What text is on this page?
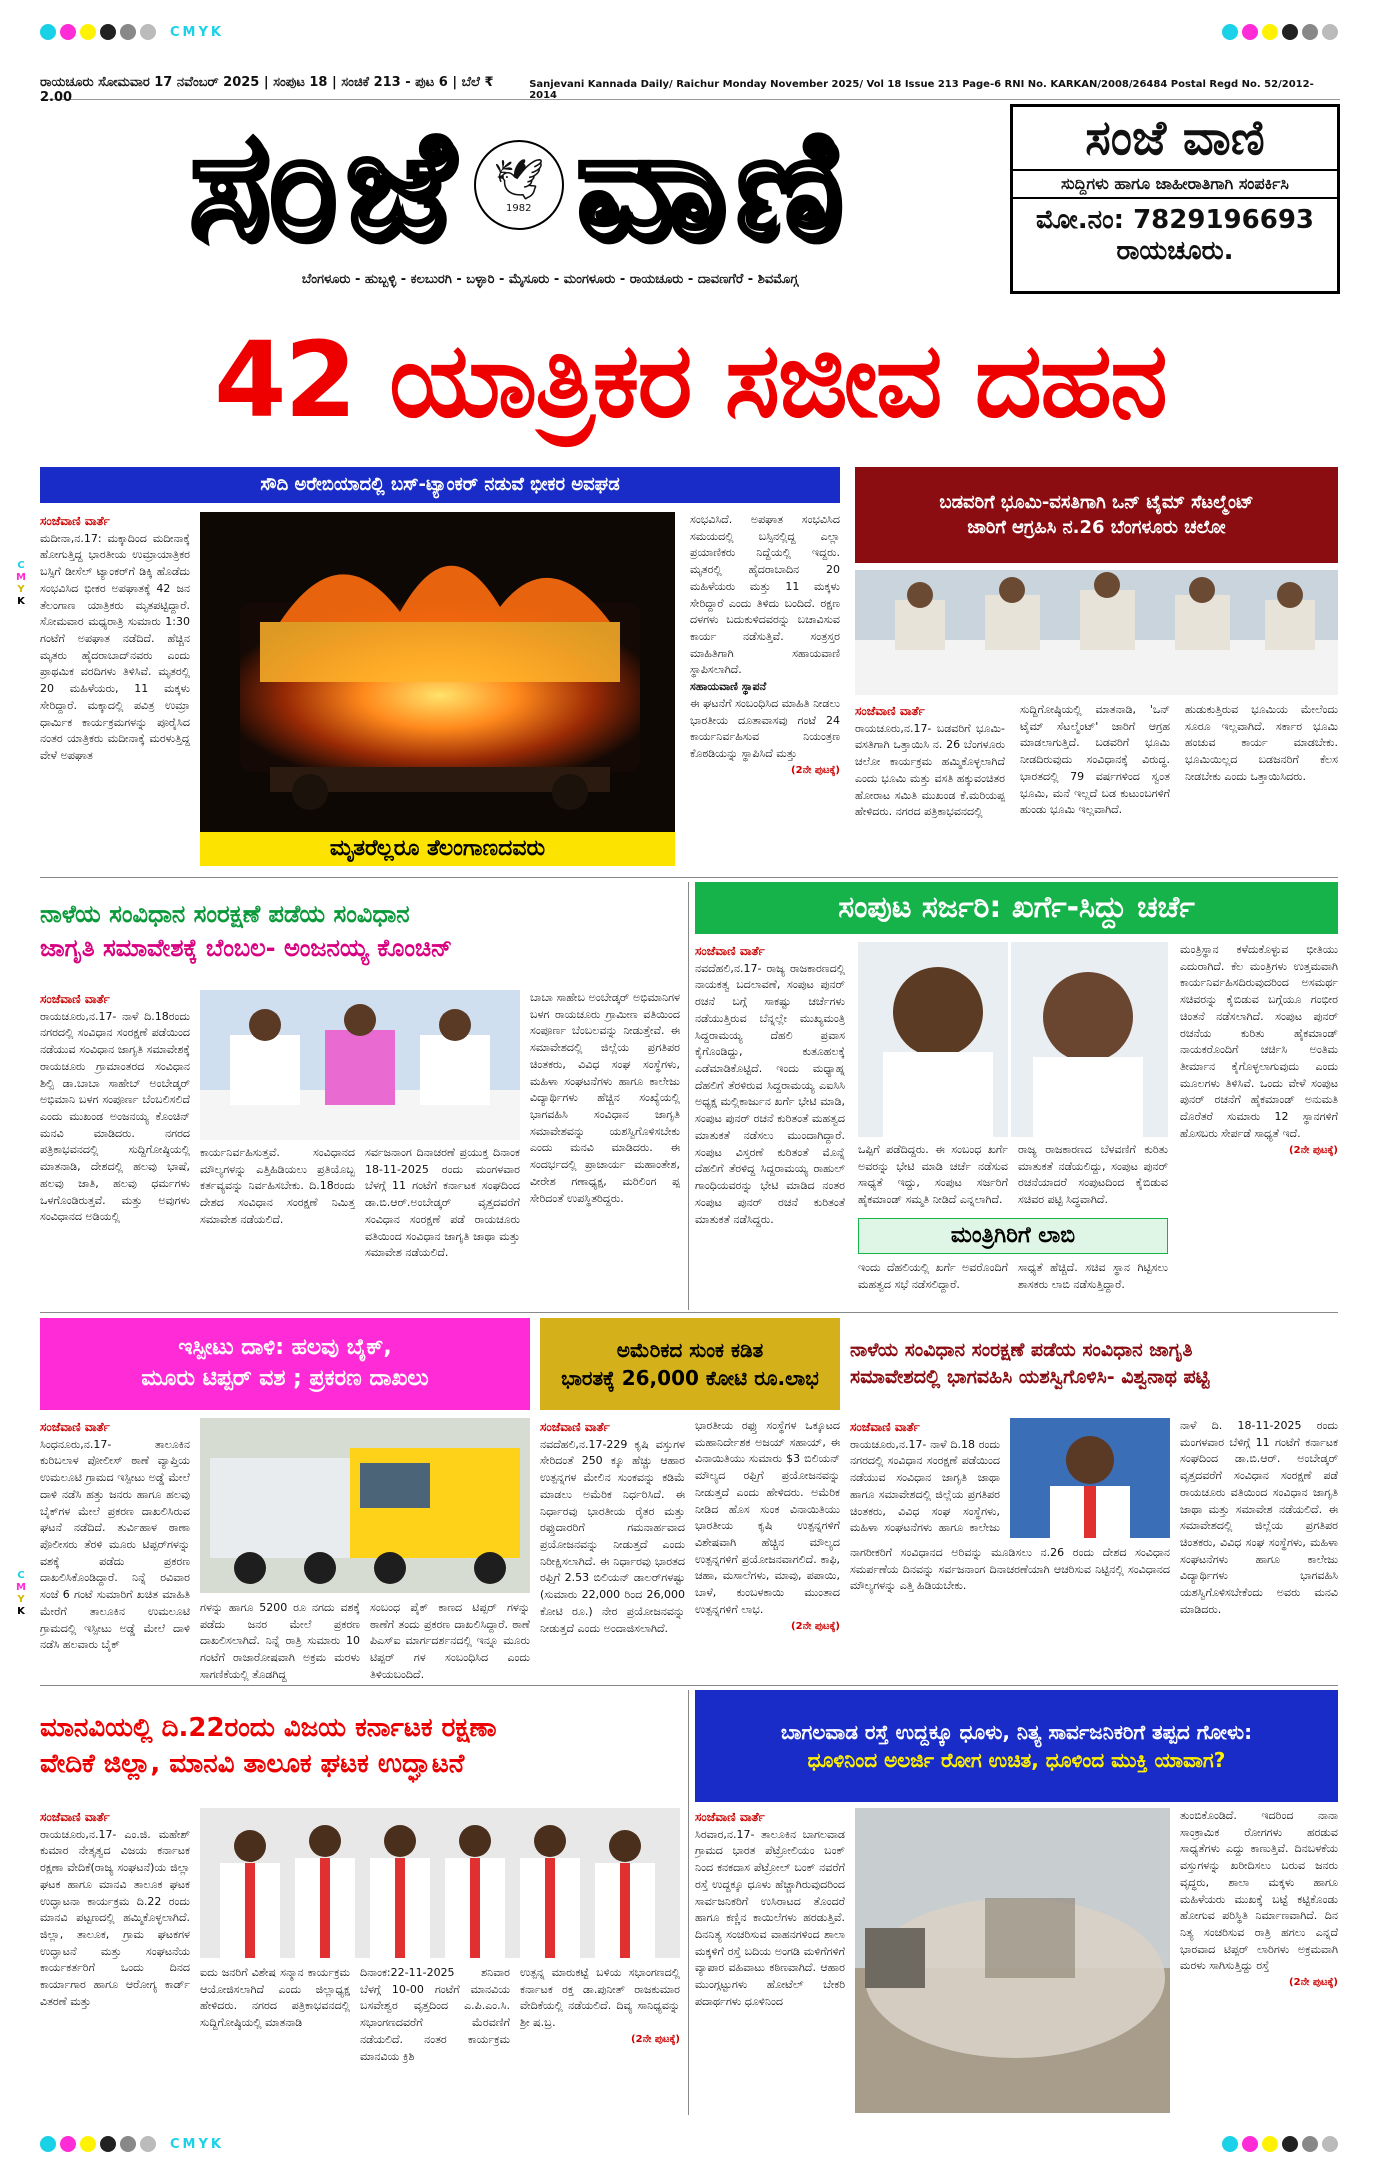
CMYK
CMYK
C
M
Y
K
C
M
Y
K
ರಾಯಚೂರು ಸೋಮವಾರ 17 ನವೆಂಬರ್ 2025 | ಸಂಪುಟ 18 | ಸಂಚಿಕೆ 213 - ಪುಟ 6 | ಬೆಲೆ ₹ 2.00
Sanjevani Kannada Daily/ Raichur Monday November 2025/ Vol 18 Issue 213 Page-6 RNI No. KARKAN/2008/26484 Postal Regd No. 52/2012-2014
ಸಂಜೆ 🕊
1982 ವಾಣಿ
ಬೆಂಗಳೂರು - ಹುಬ್ಬಳ್ಳಿ - ಕಲಬುರಗಿ - ಬಳ್ಳಾರಿ - ಮೈಸೂರು - ಮಂಗಳೂರು - ರಾಯಚೂರು - ದಾವಣಗೆರೆ - ಶಿವಮೊಗ್ಗ
ಸಂಜೆ ವಾಣಿ
ಸುದ್ದಿಗಳು ಹಾಗೂ ಜಾಹೀರಾತಿಗಾಗಿ ಸಂಪರ್ಕಿಸಿ
ಮೋ.ನಂ: 7829196693
ರಾಯಚೂರು.
42 ಯಾತ್ರಿಕರ ಸಜೀವ ದಹನ
ಸೌದಿ ಅರೇಬಿಯಾದಲ್ಲಿ ಬಸ್-ಟ್ಯಾಂಕರ್ ನಡುವೆ ಭೀಕರ ಅವಘಡ
ಸಂಜೆವಾಣಿ ವಾರ್ತೆ
ಮದೀನಾ,ನ.17: ಮಕ್ಕಾದಿಂದ ಮದೀನಾಕ್ಕೆ ಹೋಗುತ್ತಿದ್ದ ಭಾರತೀಯ ಉಮ್ರಾಯಾತ್ರಿಕರ ಬಸ್ಸಿಗೆ ಡೀಸೆಲ್ ಟ್ಯಾಂಕರ್‌ಗೆ ಡಿಕ್ಕಿ ಹೊಡೆದು ಸಂಭವಿಸಿದ ಭೀಕರ ಅಪಘಾತಕ್ಕೆ 42 ಜನ ತೆಲಂಗಾಣ ಯಾತ್ರಿಕರು ಮೃತಪಟ್ಟಿದ್ದಾರೆ. ಸೋಮವಾರ ಮಧ್ಯರಾತ್ರಿ ಸುಮಾರು 1:30 ಗಂಟೆಗೆ ಅಪಘಾತ ನಡೆದಿದೆ. ಹೆಚ್ಚಿನ ಮೃತರು ಹೈದರಾಬಾದ್‌ನವರು ಎಂದು ಪ್ರಾಥಮಿಕ ವರದಿಗಳು ತಿಳಿಸಿವೆ. ಮೃತರಲ್ಲಿ 20 ಮಹಿಳೆಯರು, 11 ಮಕ್ಕಳು ಸೇರಿದ್ದಾರೆ. ಮಕ್ಕಾದಲ್ಲಿ ಪವಿತ್ರ ಉಮ್ರಾ ಧಾರ್ಮಿಕ ಕಾರ್ಯಕ್ರಮಗಳನ್ನು ಪೂರೈಸಿದ ನಂತರ ಯಾತ್ರಿಕರು ಮದೀನಾಕ್ಕೆ ಮರಳುತ್ತಿದ್ದ ವೇಳೆ ಅಪಘಾತ
ಮೃತರೆಲ್ಲರೂ ತೆಲಂಗಾಣದವರು
ಸಂಭವಿಸಿದೆ. ಅಪಘಾತ ಸಂಭವಿಸಿದ ಸಮಯದಲ್ಲಿ ಬಸ್ಸಿನಲ್ಲಿದ್ದ ಎಲ್ಲಾ ಪ್ರಯಾಣಿಕರು ನಿದ್ದೆಯಲ್ಲಿ ಇದ್ದರು. ಮೃತರಲ್ಲಿ ಹೈದರಾಬಾದಿನ 20 ಮಹಿಳೆಯರು ಮತ್ತು 11 ಮಕ್ಕಳು ಸೇರಿದ್ದಾರೆ ಎಂದು ತಿಳಿದು ಬಂದಿದೆ. ರಕ್ಷಣ ದಳಗಳು ಬದುಕುಳಿದವರನ್ನು ಬಚಾವಿಸುವ ಕಾರ್ಯ ನಡೆಸುತ್ತಿವೆ. ಸಂತ್ರಸ್ತರ ಮಾಹಿತಿಗಾಗಿ ಸಹಾಯವಾಣಿ ಸ್ಥಾಪಿಸಲಾಗಿದೆ.
ಸಹಾಯವಾಣಿ ಸ್ಥಾಪನೆ
ಈ ಘಟನೆಗೆ ಸಂಬಂಧಿಸಿದ ಮಾಹಿತಿ ನೀಡಲು ಭಾರತೀಯ ದೂತಾವಾಸವು ಗಂಟೆ 24 ಕಾರ್ಯನಿರ್ವಹಿಸುವ ನಿಯಂತ್ರಣ ಕೊಠಡಿಯನ್ನು ಸ್ಥಾಪಿಸಿದೆ ಮತ್ತು
(2ನೇ ಪುಟಕ್ಕೆ)
ಬಡವರಿಗೆ ಭೂಮಿ-ವಸತಿಗಾಗಿ ಒನ್ ಟೈಮ್ ಸೆಟಲ್ಮೆಂಟ್
ಜಾರಿಗೆ ಆಗ್ರಹಿಸಿ ನ.26 ಬೆಂಗಳೂರು ಚಲೋ
ಸಂಜೆವಾಣಿ ವಾರ್ತೆ
ರಾಯಚೂರು,ನ.17- ಬಡವರಿಗೆ ಭೂಮಿ-ವಸತಿಗಾಗಿ ಒತ್ತಾಯಿಸಿ ನ. 26 ಬೆಂಗಳೂರು ಚಲೋ ಕಾರ್ಯಕ್ರಮ ಹಮ್ಮಿಕೊಳ್ಳಲಾಗಿದೆ ಎಂದು ಭೂಮಿ ಮತ್ತು ವಸತಿ ಹಕ್ಕುವಂಚಿತರ ಹೋರಾಟ ಸಮಿತಿ ಮುಖಂಡ ಕೆ.ಮರಿಯಪ್ಪ ಹೇಳಿದರು. ನಗರದ ಪತ್ರಿಕಾಭವನದಲ್ಲಿ
ಸುದ್ದಿಗೋಷ್ಠಿಯಲ್ಲಿ ಮಾತನಾಡಿ, 'ಒನ್ ಟೈಮ್ ಸೆಟಲ್ಮೆಂಟ್' ಜಾರಿಗೆ ಆಗ್ರಹ ಮಾಡಲಾಗುತ್ತಿದೆ. ಬಡವರಿಗೆ ಭೂಮಿ ನೀಡದಿರುವುದು ಸಂವಿಧಾನಕ್ಕೆ ವಿರುದ್ಧ. ಭಾರತದಲ್ಲಿ 79 ವರ್ಷಗಳಿಂದ ಸ್ವಂತ ಭೂಮಿ, ಮನೆ ಇಲ್ಲದೆ ಬಡ ಕುಟುಂಬಗಳಿಗೆ ಹುಂಡು ಭೂಮಿ ಇಲ್ಲವಾಗಿದೆ.
ಹುಡುಕುತ್ತಿರುವ ಭೂಮಿಯ ಮೇಲೆಂದು ಸೂರೂ ಇಲ್ಲವಾಗಿದೆ. ಸರ್ಕಾರ ಭೂಮಿ ಹಂಚುವ ಕಾರ್ಯ ಮಾಡಬೇಕು. ಭೂಮಿಯಿಲ್ಲದ ಬಡಜನರಿಗೆ ಕೆಲಸ ನೀಡಬೇಕು ಎಂದು ಒತ್ತಾಯಿಸಿದರು.
ನಾಳೆಯ ಸಂವಿಧಾನ ಸಂರಕ್ಷಣೆ ಪಡೆಯ ಸಂವಿಧಾನ
ಜಾಗೃತಿ ಸಮಾವೇಶಕ್ಕೆ ಬೆಂಬಲ- ಅಂಜನಯ್ಯ ಕೊಂಚಿನ್
ಸಂಜೆವಾಣಿ ವಾರ್ತೆ
ರಾಯಚೂರು,ನ.17- ನಾಳೆ ದಿ.18ರಂದು ನಗರದಲ್ಲಿ ಸಂವಿಧಾನ ಸಂರಕ್ಷಣೆ ಪಡೆಯಿಂದ ನಡೆಯುವ ಸಂವಿಧಾನ ಜಾಗೃತಿ ಸಮಾವೇಶಕ್ಕೆ ರಾಯಚೂರು ಗ್ರಾಮಾಂತರದ ಸಂವಿಧಾನ ಶಿಲ್ಪಿ ಡಾ.ಬಾಬಾ ಸಾಹೇಬ್ ಅಂಬೇಡ್ಕರ್ ಅಭಿಮಾನಿ ಬಳಗ ಸಂಪೂರ್ಣ ಬೆಂಬಲಿಸಲಿದೆ ಎಂದು ಮುಖಂಡ ಅಂಜನಯ್ಯ ಕೊಂಚಿನ್ ಮನವಿ ಮಾಡಿದರು. ನಗರದ ಪತ್ರಿಕಾಭವನದಲ್ಲಿ ಸುದ್ದಿಗೋಷ್ಠಿಯಲ್ಲಿ ಮಾತನಾಡಿ, ದೇಶದಲ್ಲಿ ಹಲವು ಭಾಷೆ, ಹಲವು ಜಾತಿ, ಹಲವು ಧರ್ಮಗಳು ಒಳಗೊಂಡಿರುತ್ತವೆ. ಮತ್ತು ಅವುಗಳು ಸಂವಿಧಾನದ ಅಡಿಯಲ್ಲಿ
ಕಾರ್ಯನಿರ್ವಹಿಸುತ್ತವೆ. ಸಂವಿಧಾನದ ಮೌಲ್ಯಗಳನ್ನು ಎತ್ತಿಹಿಡಿಯಲು ಪ್ರತಿಯೊಬ್ಬ ಕರ್ತವ್ಯವನ್ನು ನಿರ್ವಹಿಸಬೇಕು. ದಿ.18ರಂದು ದೇಶದ ಸಂವಿಧಾನ ಸಂರಕ್ಷಣೆ ನಿಮಿತ್ತ ಸಮಾವೇಶ ನಡೆಯಲಿದೆ.
ಸರ್ವಜನಾಂಗ ದಿನಾಚರಣೆ ಪ್ರಯುಕ್ತ ದಿನಾಂಕ 18-11-2025 ರಂದು ಮಂಗಳವಾರ ಬೆಳಗ್ಗೆ 11 ಗಂಟೆಗೆ ಕರ್ನಾಟಕ ಸಂಘದಿಂದ ಡಾ.ಬಿ.ಆರ್.ಅಂಬೇಡ್ಕರ್ ವೃತ್ತದವರೆಗೆ ಸಂವಿಧಾನ ಸಂರಕ್ಷಣೆ ಪಡೆ ರಾಯಚೂರು ವತಿಯಿಂದ ಸಂವಿಧಾನ ಜಾಗೃತಿ ಜಾಥಾ ಮತ್ತು ಸಮಾವೇಶ ನಡೆಯಲಿದೆ.
ಬಾಬಾ ಸಾಹೇಬ ಅಂಬೇಡ್ಕರ್ ಅಭಿಮಾನಿಗಳ ಬಳಗ ರಾಯಚೂರು ಗ್ರಾಮೀಣ ವತಿಯಿಂದ ಸಂಪೂರ್ಣ ಬೆಂಬಲವನ್ನು ನೀಡುತ್ತೇವೆ. ಈ ಸಮಾವೇಶದಲ್ಲಿ ಜಿಲ್ಲೆಯ ಪ್ರಗತಿಪರ ಚಿಂತಕರು, ವಿವಿಧ ಸಂಘ ಸಂಸ್ಥೆಗಳು, ಮಹಿಳಾ ಸಂಘಟನೆಗಳು ಹಾಗೂ ಕಾಲೇಜು ವಿದ್ಯಾರ್ಥಿಗಳು ಹೆಚ್ಚಿನ ಸಂಖ್ಯೆಯಲ್ಲಿ ಭಾಗವಹಿಸಿ ಸಂವಿಧಾನ ಜಾಗೃತಿ ಸಮಾವೇಶವನ್ನು ಯಶಸ್ವಿಗೊಳಿಸಬೇಕು ಎಂದು ಮನವಿ ಮಾಡಿದರು. ಈ ಸಂದರ್ಭದಲ್ಲಿ ಪ್ರಾಚಾರ್ಯ ಮಹಾಂತೇಶ, ವೀರೇಶ ಗಣಾಧ್ಯಕ್ಷ, ಮರಿಲಿಂಗ ಪ್ಪ ಸೇರಿದಂತೆ ಉಪಸ್ಥಿತರಿದ್ದರು.
ಸಂಪುಟ ಸರ್ಜರಿ: ಖರ್ಗೆ-ಸಿದ್ದು ಚರ್ಚೆ
ಸಂಜೆವಾಣಿ ವಾರ್ತೆ
ನವದೆಹಲಿ,ನ.17- ರಾಜ್ಯ ರಾಜಕಾರಣದಲ್ಲಿ ನಾಯಕತ್ವ ಬದಲಾವಣೆ, ಸಂಪುಟ ಪುನರ್ ರಚನೆ ಬಗ್ಗೆ ಸಾಕಷ್ಟು ಚರ್ಚೆಗಳು ನಡೆಯುತ್ತಿರುವ ಬೆನ್ನಲ್ಲೇ ಮುಖ್ಯಮಂತ್ರಿ ಸಿದ್ದರಾಮಯ್ಯ ದೆಹಲಿ ಪ್ರವಾಸ ಕೈಗೊಂಡಿದ್ದು, ಕುತೂಹಲಕ್ಕೆ ಎಡೆಮಾಡಿಕೊಟ್ಟಿದೆ. ಇಂದು ಮಧ್ಯಾಹ್ನ ದೆಹಲಿಗೆ ತೆರಳಿರುವ ಸಿದ್ದರಾಮಯ್ಯ ಎಐಸಿಸಿ ಅಧ್ಯಕ್ಷ ಮಲ್ಲಿಕಾರ್ಜುನ ಖರ್ಗೆ ಭೇಟಿ ಮಾಡಿ, ಸಂಪುಟ ಪುನರ್ ರಚನೆ ಕುರಿತಂತೆ ಮಹತ್ವದ ಮಾತುಕತೆ ನಡೆಸಲು ಮುಂದಾಗಿದ್ದಾರೆ. ಸಂಪುಟ ವಿಸ್ತರಣೆ ಕುರಿತಂತೆ ಮೊನ್ನೆ ದೆಹಲಿಗೆ ತೆರಳಿದ್ದ ಸಿದ್ದರಾಮಯ್ಯ ರಾಹುಲ್ ಗಾಂಧಿಯವರನ್ನು ಭೇಟಿ ಮಾಡಿದ ನಂತರ ಸಂಪುಟ ಪುನರ್ ರಚನೆ ಕುರಿತಂತೆ ಮಾತುಕತೆ ನಡೆಸಿದ್ದರು.
ಒಪ್ಪಿಗೆ ಪಡೆದಿದ್ದರು. ಈ ಸಂಬಂಧ ಖರ್ಗೆ ಅವರನ್ನು ಭೇಟಿ ಮಾಡಿ ಚರ್ಚೆ ನಡೆಸುವ ಸಾಧ್ಯತೆ ಇದ್ದು, ಸಂಪುಟ ಸರ್ಜರಿಗೆ ಹೈಕಮಾಂಡ್ ಸಮ್ಮತಿ ನೀಡಿದೆ ಎನ್ನಲಾಗಿದೆ.
ರಾಜ್ಯ ರಾಜಕಾರಣದ ಬೆಳವಣಿಗೆ ಕುರಿತು ಮಾತುಕತೆ ನಡೆಯಲಿದ್ದು, ಸಂಪುಟ ಪುನರ್ ರಚನೆಯಾದರೆ ಸಂಪುಟದಿಂದ ಕೈಬಿಡುವ ಸಚಿವರ ಪಟ್ಟಿ ಸಿದ್ಧವಾಗಿದೆ.
ಮಂತ್ರಿಗಿರಿಗೆ ಲಾಬಿ
ಇಂದು ದೆಹಲಿಯಲ್ಲಿ ಖರ್ಗೆ ಅವರೊಂದಿಗೆ ಮಹತ್ವದ ಸಭೆ ನಡೆಸಲಿದ್ದಾರೆ.
ಸಾಧ್ಯತೆ ಹೆಚ್ಚಿದೆ. ಸಚಿವ ಸ್ಥಾನ ಗಿಟ್ಟಿಸಲು ಶಾಸಕರು ಲಾಬಿ ನಡೆಸುತ್ತಿದ್ದಾರೆ.
ಮಂತ್ರಿಸ್ಥಾನ ಕಳೆದುಕೊಳ್ಳುವ ಭೀತಿಯು ಎದುರಾಗಿದೆ. ಕೆಲ ಮಂತ್ರಿಗಳು ಉತ್ತಮವಾಗಿ ಕಾರ್ಯನಿರ್ವಹಿಸದಿರುವುದರಿಂದ ಅಸಮರ್ಥ ಸಚಿವರನ್ನು ಕೈಬಿಡುವ ಬಗ್ಗೆಯೂ ಗಂಭೀರ ಚಿಂತನೆ ನಡೆಸಲಾಗಿದೆ. ಸಂಪುಟ ಪುನರ್ ರಚನೆಯ ಕುರಿತು ಹೈಕಮಾಂಡ್ ನಾಯಕರೊಂದಿಗೆ ಚರ್ಚಿಸಿ ಅಂತಿಮ ತೀರ್ಮಾನ ಕೈಗೊಳ್ಳಲಾಗುವುದು ಎಂದು ಮೂಲಗಳು ತಿಳಿಸಿವೆ. ಒಂದು ವೇಳೆ ಸಂಪುಟ ಪುನರ್ ರಚನೆಗೆ ಹೈಕಮಾಂಡ್ ಅನುಮತಿ ದೊರೆತರೆ ಸುಮಾರು 12 ಸ್ಥಾನಗಳಿಗೆ ಹೊಸಬರು ಸೇರ್ಪಡೆ ಸಾಧ್ಯತೆ ಇದೆ.
(2ನೇ ಪುಟಕ್ಕೆ)
ಇಸ್ಪೀಟು ದಾಳಿ: ಹಲವು ಬೈಕ್,
ಮೂರು ಟಿಪ್ಪರ್ ವಶ ; ಪ್ರಕರಣ ದಾಖಲು
ಸಂಜೆವಾಣಿ ವಾರ್ತೆ
ಸಿಂಧನೂರು,ನ.17- ತಾಲೂಕಿನ ಕುರಿಬಲಾಳ ಪೋಲೀಸ್ ಠಾಣೆ ವ್ಯಾಪ್ತಿಯ ಉಮಲೂಟಿ ಗ್ರಾಮದ ಇಸ್ಪೀಟು ಅಡ್ಡೆ ಮೇಲೆ ದಾಳಿ ನಡೆಸಿ ಹತ್ತು ಜನರು ಹಾಗೂ ಹಲವು ಬೈಕ್‌ಗಳ ಮೇಲೆ ಪ್ರಕರಣ ದಾಖಲಿಸಿರುವ ಘಟನೆ ನಡೆದಿದೆ. ತುರ್ವಿಹಾಳ ಠಾಣಾ ಪೊಲೀಸರು ತೆರಳಿ ಮೂರು ಟಿಪ್ಪರ್‌ಗಳನ್ನು ವಶಕ್ಕೆ ಪಡೆದು ಪ್ರಕರಣ ದಾಖಲಿಸಿಕೊಂಡಿದ್ದಾರೆ. ನಿನ್ನೆ ರವಿವಾರ ಸಂಜೆ 6 ಗಂಟೆ ಸುಮಾರಿಗೆ ಖಚಿತ ಮಾಹಿತಿ ಮೇರೆಗೆ ತಾಲೂಕಿನ ಉಮಲೂಟಿ ಗ್ರಾಮದಲ್ಲಿ ಇಸ್ಪೀಟು ಅಡ್ಡೆ ಮೇಲೆ ದಾಳಿ ನಡೆಸಿ ಹಲವಾರು ಬೈಕ್
ಗಳನ್ನು ಹಾಗೂ 5200 ರೂ ನಗದು ವಶಕ್ಕೆ ಪಡೆದು ಜನರ ಮೇಲೆ ಪ್ರಕರಣ ದಾಖಲಿಸಲಾಗಿದೆ. ನಿನ್ನೆ ರಾತ್ರಿ ಸುಮಾರು 10 ಗಂಟೆಗೆ ರಾಜಾರೋಷವಾಗಿ ಅಕ್ರಮ ಮರಳು ಸಾಗಣಿಕೆಯಲ್ಲಿ ತೊಡಗಿದ್ದ
ಸಂಬಂಧ ಪೈಕ್ ಕಾಣದ ಟಿಪ್ಪರ್ ಗಳನ್ನು ಠಾಣೆಗೆ ತಂದು ಪ್ರಕರಣ ದಾಖಲಿಸಿದ್ದಾರೆ. ಠಾಣೆ ಪಿಎಸ್ಐ ಮಾರ್ಗದರ್ಶನದಲ್ಲಿ ಇನ್ನೂ ಮೂರು ಟಿಪ್ಪರ್ ಗಳ ಸಂಬಂಧಿಸಿದ ಎಂದು ತಿಳಿಯಬಂದಿದೆ.
ಅಮೆರಿಕದ ಸುಂಕ ಕಡಿತ
ಭಾರತಕ್ಕೆ 26,000 ಕೋಟಿ ರೂ.ಲಾಭ
ಸಂಜೆವಾಣಿ ವಾರ್ತೆ
ನವದೆಹಲಿ,ನ.17-229 ಕೃಷಿ ವಸ್ತುಗಳ ಸೇರಿದಂತೆ 250 ಕ್ಕೂ ಹೆಚ್ಚು ಆಹಾರ ಉತ್ಪನ್ನಗಳ ಮೇಲಿನ ಸುಂಕವನ್ನು ಕಡಿಮೆ ಮಾಡಲು ಅಮೆರಿಕ ನಿರ್ಧರಿಸಿದೆ. ಈ ನಿರ್ಧಾರವು ಭಾರತೀಯ ರೈತರ ಮತ್ತು ರಫ್ತುದಾರರಿಗೆ ಗಮನಾರ್ಹವಾದ ಪ್ರಯೋಜನವನ್ನು ನೀಡುತ್ತದೆ ಎಂದು ನಿರೀಕ್ಷಿಸಲಾಗಿದೆ. ಈ ನಿರ್ಧಾರವು ಭಾರತದ ರಫ್ತಿಗೆ 2.53 ಬಿಲಿಯನ್ ಡಾಲರ್‌ಗಳಷ್ಟು (ಸುಮಾರು 22,000 ರಿಂದ 26,000 ಕೋಟಿ ರೂ.) ನೇರ ಪ್ರಯೋಜನವನ್ನು ನೀಡುತ್ತದೆ ಎಂದು ಅಂದಾಜಿಸಲಾಗಿದೆ.
ಭಾರತೀಯ ರಫ್ತು ಸಂಸ್ಥೆಗಳ ಒಕ್ಕೂಟದ ಮಹಾನಿರ್ದೇಶಕ ಅಜಯ್ ಸಹಾಯ್, ಈ ವಿನಾಯಿತಿಯು ಸುಮಾರು $3 ಬಿಲಿಯನ್ ಮೌಲ್ಯದ ರಫ್ತಿಗೆ ಪ್ರಯೋಜನವನ್ನು ನೀಡುತ್ತದೆ ಎಂದು ಹೇಳಿದರು. ಅಮೆರಿಕ ನೀಡಿದ ಹೊಸ ಸುಂಕ ವಿನಾಯಿತಿಯು ಭಾರತೀಯ ಕೃಷಿ ಉತ್ಪನ್ನಗಳಿಗೆ ವಿಶೇಷವಾಗಿ ಹೆಚ್ಚಿನ ಮೌಲ್ಯದ ಉತ್ಪನ್ನಗಳಿಗೆ ಪ್ರಯೋಜನವಾಗಲಿದೆ. ಕಾಫಿ, ಚಹಾ, ಮಸಾಲೆಗಳು, ಮಾವು, ಪಪಾಯಿ, ಬಾಳೆ, ಕುಂಬಳಕಾಯಿ ಮುಂತಾದ ಉತ್ಪನ್ನಗಳಿಗೆ ಲಾಭ.
(2ನೇ ಪುಟಕ್ಕೆ)
ನಾಳೆಯ ಸಂವಿಧಾನ ಸಂರಕ್ಷಣೆ ಪಡೆಯ ಸಂವಿಧಾನ ಜಾಗೃತಿ
ಸಮಾವೇಶದಲ್ಲಿ ಭಾಗವಹಿಸಿ ಯಶಸ್ವಿಗೊಳಿಸಿ- ವಿಶ್ವನಾಥ ಪಟ್ಟಿ
ಸಂಜೆವಾಣಿ ವಾರ್ತೆ
ರಾಯಚೂರು,ನ.17- ನಾಳೆ ದಿ.18 ರಂದು ನಗರದಲ್ಲಿ ಸಂವಿಧಾನ ಸಂರಕ್ಷಣೆ ಪಡೆಯಿಂದ ನಡೆಯುವ ಸಂವಿಧಾನ ಜಾಗೃತಿ ಜಾಥಾ ಹಾಗೂ ಸಮಾವೇಶದಲ್ಲಿ ಜಿಲ್ಲೆಯ ಪ್ರಗತಿಪರ ಚಿಂತಕರು, ವಿವಿಧ ಸಂಘ ಸಂಸ್ಥೆಗಳು, ಮಹಿಳಾ ಸಂಘಟನೆಗಳು ಹಾಗೂ ಕಾಲೇಜು
ನಾಗರೀಕರಿಗೆ ಸಂವಿಧಾನದ ಅರಿವನ್ನು ಮೂಡಿಸಲು ನ.26 ರಂದು ದೇಶದ ಸಂವಿಧಾನ ಸಮರ್ಪಣೆಯ ದಿನವನ್ನು ಸರ್ವಜನಾಂಗ ದಿನಾಚರಣೆಯಾಗಿ ಆಚರಿಸುವ ನಿಟ್ಟಿನಲ್ಲಿ ಸಂವಿಧಾನದ ಮೌಲ್ಯಗಳನ್ನು ಎತ್ತಿ ಹಿಡಿಯಬೇಕು.
ನಾಳೆ ದಿ. 18-11-2025 ರಂದು ಮಂಗಳವಾರ ಬೆಳಿಗ್ಗೆ 11 ಗಂಟೆಗೆ ಕರ್ನಾಟಕ ಸಂಘದಿಂದ ಡಾ.ಬಿ.ಆರ್. ಅಂಬೇಡ್ಕರ್ ವೃತ್ತದವರೆಗೆ ಸಂವಿಧಾನ ಸಂರಕ್ಷಣೆ ಪಡೆ ರಾಯಚೂರು ವತಿಯಿಂದ ಸಂವಿಧಾನ ಜಾಗೃತಿ ಜಾಥಾ ಮತ್ತು ಸಮಾವೇಶ ನಡೆಯಲಿದೆ. ಈ ಸಮಾವೇಶದಲ್ಲಿ ಜಿಲ್ಲೆಯ ಪ್ರಗತಿಪರ ಚಿಂತಕರು, ವಿವಿಧ ಸಂಘ ಸಂಸ್ಥೆಗಳು, ಮಹಿಳಾ ಸಂಘಟನೆಗಳು ಹಾಗೂ ಕಾಲೇಜು ವಿದ್ಯಾರ್ಥಿಗಳು ಭಾಗವಹಿಸಿ ಯಶಸ್ವಿಗೊಳಿಸಬೇಕೆಂದು ಅವರು ಮನವಿ ಮಾಡಿದರು.
ಮಾನವಿಯಲ್ಲಿ ದಿ.22ರಂದು ವಿಜಯ ಕರ್ನಾಟಕ ರಕ್ಷಣಾ
ವೇದಿಕೆ ಜಿಲ್ಲಾ, ಮಾನವಿ ತಾಲೂಕ ಘಟಕ ಉದ್ಘಾಟನೆ
ಸಂಜೆವಾಣಿ ವಾರ್ತೆ
ರಾಯಚೂರು,ನ.17- ಎಂ.ಜಿ. ಮಹೇಶ್ ಕುಮಾರ ನೇತೃತ್ವದ ವಿಜಯ ಕರ್ನಾಟಕ ರಕ್ಷಣಾ ವೇದಿಕೆ(ರಾಜ್ಯ ಸಂಘಟನೆ)ಯ ಜಿಲ್ಲಾ ಘಟಕ ಹಾಗೂ ಮಾನವಿ ತಾಲೂಕ ಘಟಕ ಉದ್ಘಾಟನಾ ಕಾರ್ಯಕ್ರಮ ದಿ.22 ರಂದು ಮಾನವಿ ಪಟ್ಟಣದಲ್ಲಿ ಹಮ್ಮಿಕೊಳ್ಳಲಾಗಿದೆ. ಜಿಲ್ಲಾ, ತಾಲೂಕ, ಗ್ರಾಮ ಘಟಕಗಳ ಉದ್ಘಾಟನೆ ಮತ್ತು ಸಂಘಟನೆಯ ಕಾರ್ಯಕರ್ತರಿಗೆ ಒಂದು ದಿನದ ಕಾರ್ಯಾಗಾರ ಹಾಗೂ ಆರೋಗ್ಯ ಕಾರ್ಡ್ ವಿತರಣೆ ಮತ್ತು
ಐದು ಜನರಿಗೆ ವಿಶೇಷ ಸನ್ಮಾನ ಕಾರ್ಯಕ್ರಮ ಆಯೋಜಿಸಲಾಗಿದೆ ಎಂದು ಜಿಲ್ಲಾಧ್ಯಕ್ಷ ಹೇಳಿದರು. ನಗರದ ಪತ್ರಿಕಾಭವನದಲ್ಲಿ ಸುದ್ದಿಗೋಷ್ಠಿಯಲ್ಲಿ ಮಾತನಾಡಿ
ದಿನಾಂಕ:22-11-2025 ಶನಿವಾರ ಬೆಳಗ್ಗೆ 10-00 ಗಂಟೆಗೆ ಮಾನವಿಯ ಬಸವೇಶ್ವರ ವೃತ್ತದಿಂದ ಎ.ಪಿ.ಎಂ.ಸಿ. ಸಭಾಂಗಣದವರೆಗೆ ಮೆರವಣಿಗೆ ನಡೆಯಲಿದೆ. ನಂತರ ಕಾರ್ಯಕ್ರಮ ಮಾನವಿಯ ಕ್ರಿಶಿ
ಉತ್ಪನ್ನ ಮಾರುಕಟ್ಟೆ ಬಳಿಯ ಸಭಾಂಗಣದಲ್ಲಿ ಕರ್ನಾಟಕ ರಕ್ತ ಡಾ.ಪುನೀತ್ ರಾಜಕುಮಾರ ವೇದಿಕೆಯಲ್ಲಿ ನಡೆಯಲಿದೆ. ದಿವ್ಯ ಸಾನಿಧ್ಯವನ್ನು ಶ್ರೀ ಷ.ಬ್ರ.
(2ನೇ ಪುಟಕ್ಕೆ)
ಬಾಗಲವಾಡ ರಸ್ತೆ ಉದ್ದಕ್ಕೂ ಧೂಳು, ನಿತ್ಯ ಸಾರ್ವಜನಿಕರಿಗೆ ತಪ್ಪದ ಗೋಳು:
ಧೂಳಿನಿಂದ ಅಲರ್ಜಿ ರೋಗ ಉಚಿತ, ಧೂಳಿಂದ ಮುಕ್ತಿ ಯಾವಾಗ?
ಸಂಜೆವಾಣಿ ವಾರ್ತೆ
ಸಿರವಾರ,ನ.17- ತಾಲೂಕಿನ ಬಾಗಲವಾಡ ಗ್ರಾಮದ ಭಾರತ ಪೆಟ್ರೋಲಿಯಂ ಬಂಕ್ ನಿಂದ ಕನಕದಾಸ ಪೆಟ್ರೋಲ್ ಬಂಕ್ ನವರೆಗೆ ರಸ್ತೆ ಉದ್ದಕ್ಕೂ ಧೂಳು ಹೆಚ್ಚಾಗಿರುವುದರಿಂದ ಸಾರ್ವಜನಿಕರಿಗೆ ಉಸಿರಾಟದ ತೊಂದರೆ ಹಾಗೂ ಕಣ್ಣಿನ ಕಾಯಿಲೆಗಳು ಹರಡುತ್ತಿವೆ. ದಿನನಿತ್ಯ ಸಂಚರಿಸುವ ವಾಹನಗಳಿಂದ ಶಾಲಾ ಮಕ್ಕಳಿಗೆ ರಸ್ತೆ ಬದಿಯ ಅಂಗಡಿ ಮಳಿಗೆಗಳಿಗೆ ವ್ಯಾಪಾರ ವಹಿವಾಟು ಕಠಿಣವಾಗಿದೆ. ಆಹಾರ ಮುಂಗ್ಗಟ್ಟುಗಳು ಹೋಟೆಲ್ ಬೇಕರಿ ಪದಾರ್ಥಗಳು ಧೂಳಿನಿಂದ
ತುಂಬಿಕೊಂಡಿದೆ. ಇದರಿಂದ ನಾನಾ ಸಾಂಕ್ರಾಮಿಕ ರೋಗಗಳು ಹರಡುವ ಸಾಧ್ಯತೆಗಳು ಎದ್ದು ಕಾಣುತ್ತಿವೆ. ದಿನಬಳಕೆಯ ವಸ್ತುಗಳನ್ನು ಖರೀದಿಸಲು ಬರುವ ಜನರು ವೃದ್ಧರು, ಶಾಲಾ ಮಕ್ಕಳು ಹಾಗೂ ಮಹಿಳೆಯರು ಮುಖಕ್ಕೆ ಬಟ್ಟೆ ಕಟ್ಟಿಕೊಂಡು ಹೋಗುವ ಪರಿಸ್ಥಿತಿ ನಿರ್ಮಾಣವಾಗಿದೆ. ದಿನ ನಿತ್ಯ ಸಂಚರಿಸುವ ರಾತ್ರಿ ಹಗಲು ಎನ್ನದೆ ಭಾರವಾದ ಟಿಪ್ಪರ್ ಲಾರಿಗಳು ಅಕ್ರಮವಾಗಿ ಮರಳು ಸಾಗಿಸುತ್ತಿದ್ದು ರಸ್ತೆ
(2ನೇ ಪುಟಕ್ಕೆ)
